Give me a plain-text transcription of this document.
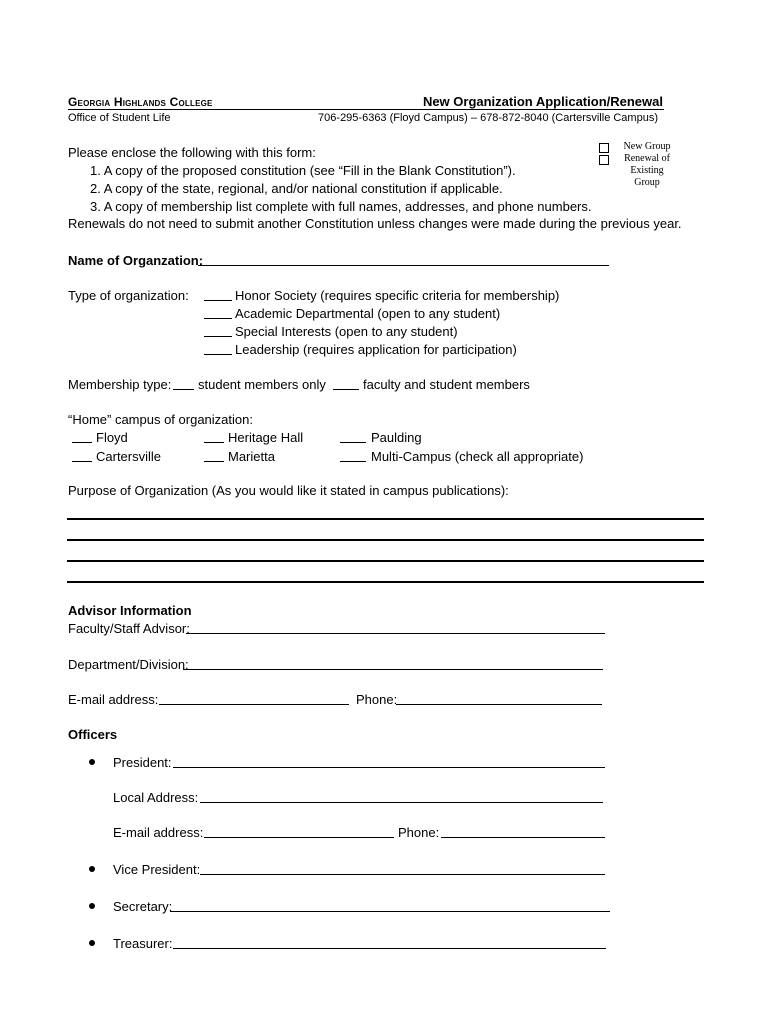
Georgia Highlands College	New Organization Application/Renewal
Office of Student Life	706-295-6363 (Floyd Campus) – 678-872-8040 (Cartersville Campus)
New Group
Renewal of Existing Group
Please enclose the following with this form:
1. A copy of the proposed constitution (see “Fill in the Blank Constitution”).
2. A copy of the state, regional, and/or national constitution if applicable.
3. A copy of membership list complete with full names, addresses, and phone numbers.
Renewals do not need to submit another Constitution unless changes were made during the previous year.
Name of Organzation:
Type of organization:	Honor Society (requires specific criteria for membership)
Academic Departmental (open to any student)
Special Interests (open to any student)
Leadership (requires application for participation)
Membership type: student members only	faculty and student members
“Home” campus of organization:
Floyd	Heritage Hall	Paulding
Cartersville	Marietta	Multi-Campus (check all appropriate)
Purpose of Organization (As you would like it stated in campus publications):
Advisor Information
Faculty/Staff Advisor:
Department/Division:
E-mail address:	Phone:
Officers
President:
Local Address:
E-mail address:	Phone:
Vice President:
Secretary:
Treasurer:
